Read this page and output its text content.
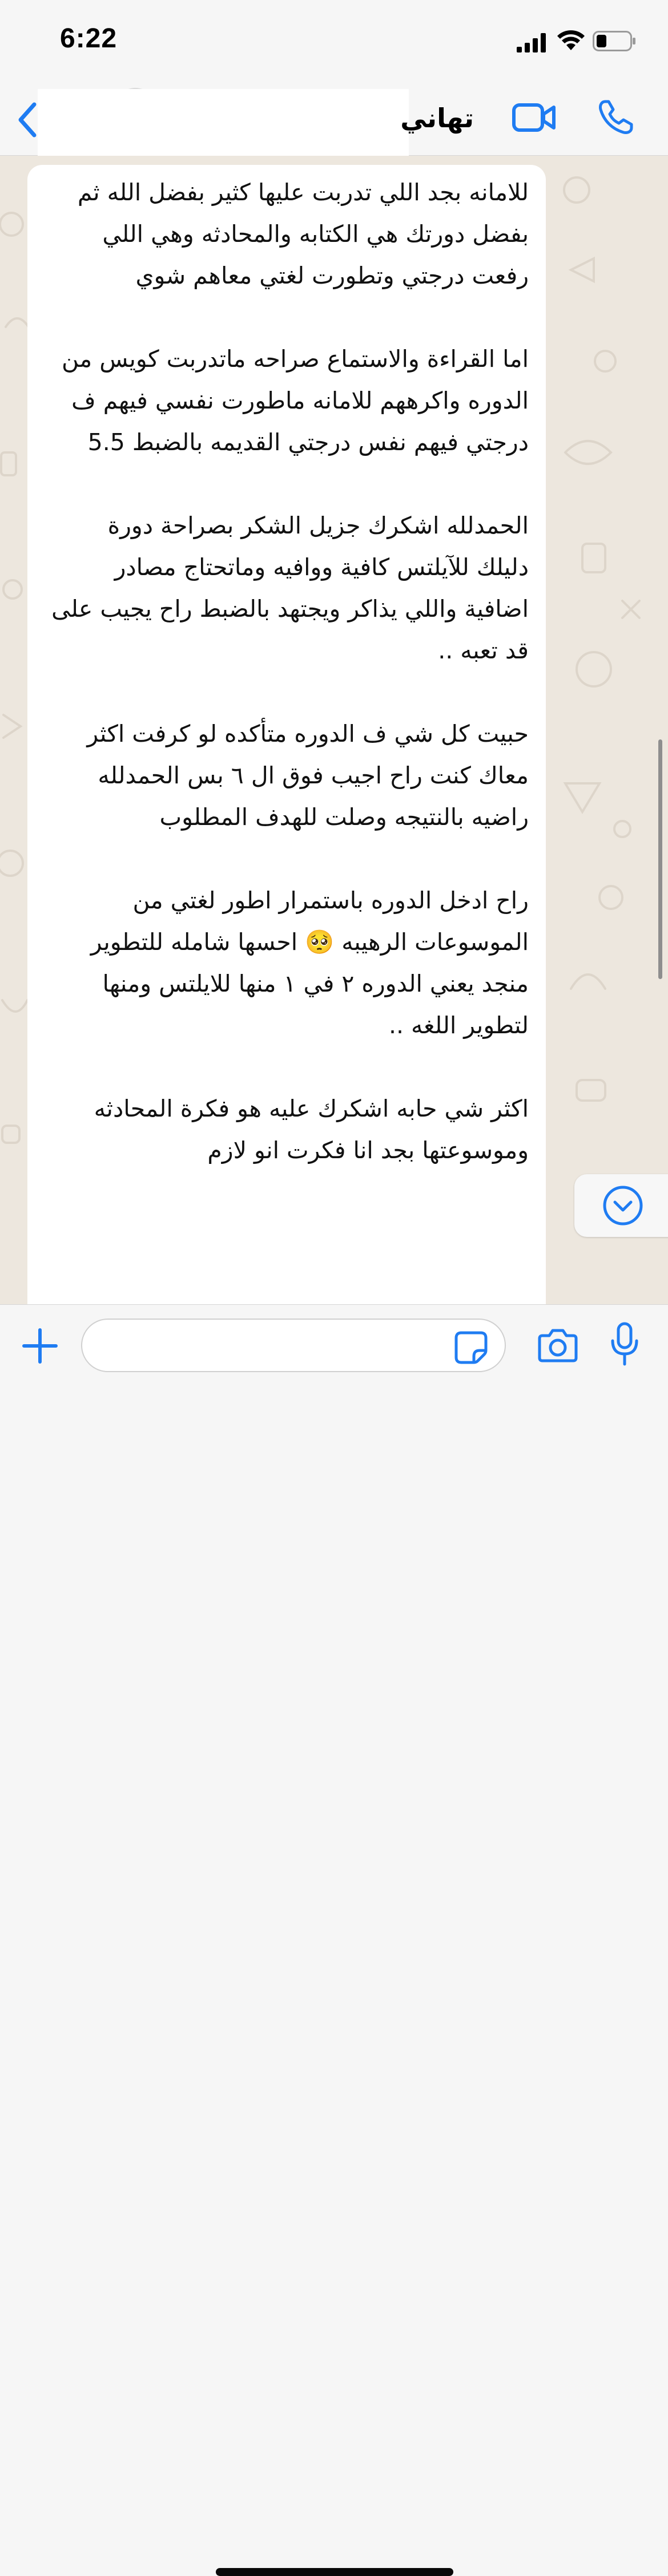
6:22
تهاني

للامانه بجد اللي تدربت عليها كثير بفضل الله ثم بفضل دورتك هي الكتابه والمحادثه وهي اللي رفعت درجتي وتطورت لغتي معاهم شوي

اما القراءة والاستماع صراحه ماتدربت كويس من الدوره واكرههم للامانه ماطورت نفسي فيهم ف درجتي فيهم نفس درجتي القديمه بالضبط 5.5

الحمدلله اشكرك جزيل الشكر بصراحة دورة دليلك للآيلتس كافية ووافيه وماتحتاج مصادر اضافية واللي يذاكر ويجتهد بالضبط راح يجيب على قد تعبه ..

حبيت كل شي ف الدوره متأكده لو كرفت اكثر معاك كنت راح اجيب فوق ال ٦ بس الحمدلله راضيه بالنتيجه وصلت للهدف المطلوب

راح ادخل الدوره باستمرار اطور لغتي من الموسوعات الرهيبه 🥺 احسها شامله للتطوير منجد يعني الدوره ٢ في ١ منها للايلتس ومنها لتطوير اللغه ..

اكثر شي حابه اشكرك عليه هو فكرة المحادثه وموسوعتها بجد انا فكرت انو لازم
